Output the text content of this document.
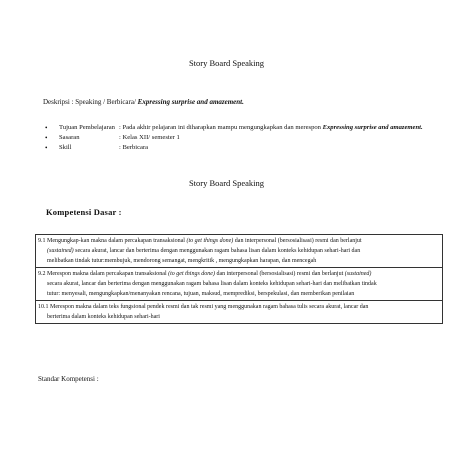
Story Board Speaking
Deskripsi : Speaking / Berbicara/ Expressing surprise and amazement.
•	Tujuan Pembelajaran : Pada akhir pelajaran ini diharapkan mampu mengungkapkan dan merespon Expressing surprise and amazement.
•	Sasaran	: Kelas XII/ semester 1
•	Skill	: Berbicara
Story Board Speaking
Kompetensi Dasar :
9.1 Mengungkap-kan makna dalam percakapan transaksional (to get things done) dan interpersonal (bersosialisasi) resmi dan berlanjut
(sustained) secara akurat, lancar dan berterima dengan menggunakan ragam bahasa lisan dalam konteks kehidupan sehari-hari dan
melibatkan tindak tutur:membujuk, mendorong semangat, mengkritik , mengungkapkan harapan, dan mencegah
9.2 Merespon makna dalam percakapan transaksional (to get things done) dan interpersonal (bersosialisasi) resmi dan berlanjut (sustained)
secara akurat, lancar dan berterima dengan menggunakan ragam bahasa lisan dalam konteks kehidupan sehari-hari dan melibatkan tindak
tutur: menyesali, mengungkapkan/menanyakan rencana, tujuan, maksud, memprediksi, berspekulasi, dan memberikan penilaian
10.1 Merespon makna dalam teks fungsional pendek resmi dan tak resmi yang menggunakan ragam bahasa tulis secara akurat, lancar dan
berterima dalam konteks kehidupan sehari-hari
Standar Kompetensi :
